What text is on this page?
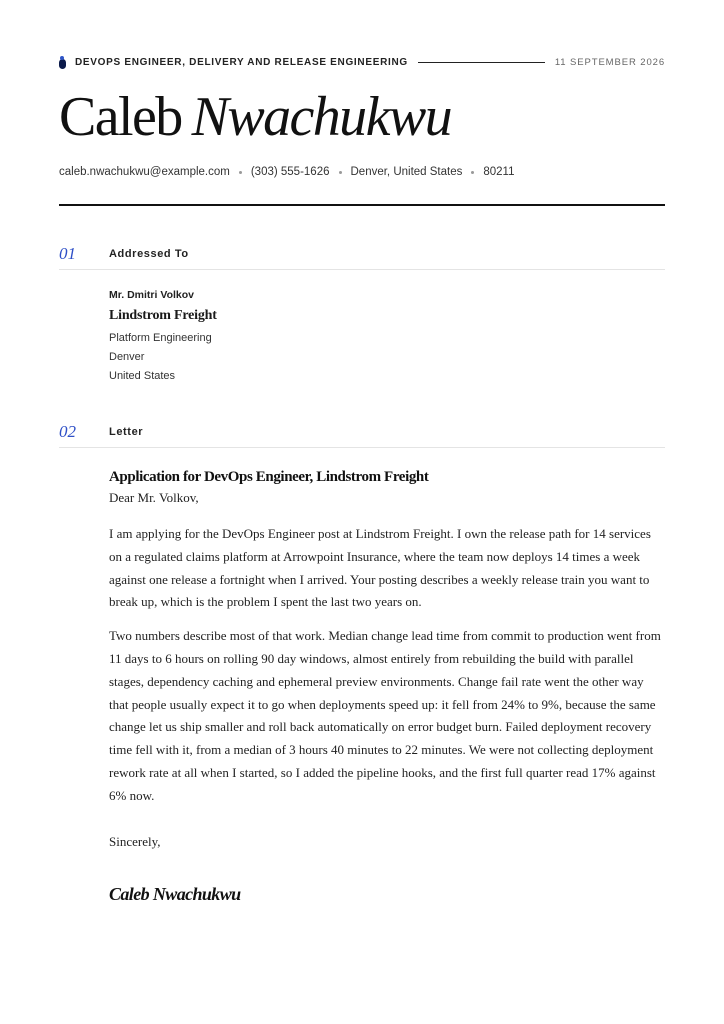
DEVOPS ENGINEER, DELIVERY AND RELEASE ENGINEERING	11 SEPTEMBER 2026
Caleb Nwachukwu
caleb.nwachukwu@example.com (303) 555-1626 Denver, United States 80211
01	Addressed To
Mr. Dmitri Volkov
Lindstrom Freight
Platform Engineering
Denver
United States
02	Letter
Application for DevOps Engineer, Lindstrom Freight
Dear Mr. Volkov,

I am applying for the DevOps Engineer post at Lindstrom Freight. I own the release path for 14 services on a regulated claims platform at Arrowpoint Insurance, where the team now deploys 14 times a week against one release a fortnight when I arrived. Your posting describes a weekly release train you want to break up, which is the problem I spent the last two years on.

Two numbers describe most of that work. Median change lead time from commit to production went from 11 days to 6 hours on rolling 90 day windows, almost entirely from rebuilding the build with parallel stages, dependency caching and ephemeral preview environments. Change fail rate went the other way that people usually expect it to go when deployments speed up: it fell from 24% to 9%, because the same change let us ship smaller and roll back automatically on error budget burn. Failed deployment recovery time fell with it, from a median of 3 hours 40 minutes to 22 minutes. We were not collecting deployment rework rate at all when I started, so I added the pipeline hooks, and the first full quarter read 17% against 6% now.

Sincerely,
Caleb Nwachukwu
